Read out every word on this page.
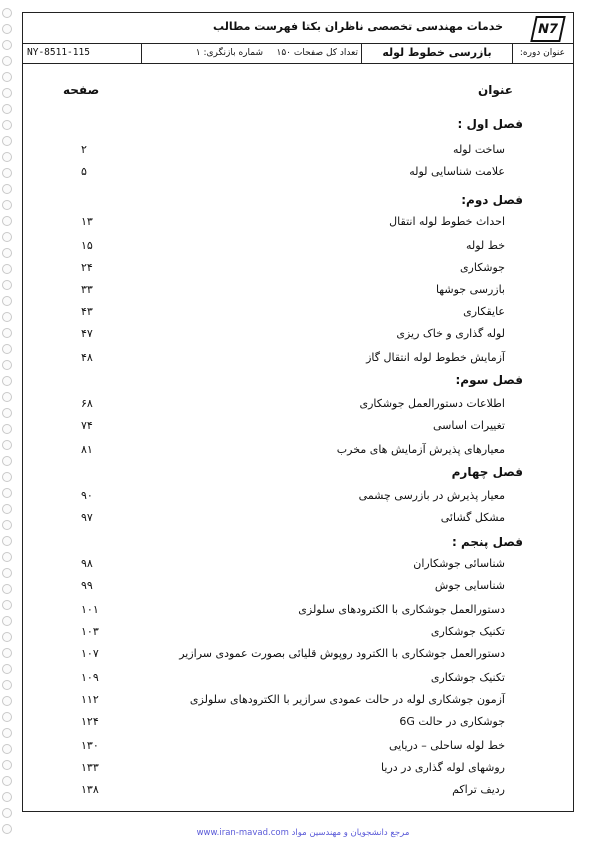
N7
خدمات مهندسی تخصصی ناظران بکتا فهرست مطالب
عنوان دوره:
بازرسی خطوط لوله
تعداد کل صفحات ۱۵۰
شماره بازنگری: ۱
NY-8511-115
عنوان
صفحه
فصل اول :
ساخت لوله
۲
علامت شناسایی لوله
۵
فصل دوم:
احداث خطوط لوله انتقال
۱۳
خط لوله
۱۵
جوشکاری
۲۴
بازرسی جوشها
۳۳
عایقکاری
۴۳
لوله گذاری و خاک ریزی
۴۷
آزمایش خطوط لوله انتقال گاز
۴۸
فصل سوم:
اطلاعات دستورالعمل جوشکاری
۶۸
تغییرات اساسی
۷۴
معیارهای پذیرش آزمایش های مخرب
۸۱
فصل چهارم
معیار پذیرش در بازرسی چشمی
۹۰
مشکل گشائی
۹۷
فصل پنجم :
شناسائی جوشکاران
۹۸
شناسایی جوش
۹۹
دستورالعمل جوشکاری با الکترودهای سلولزی
۱۰۱
تکنیک جوشکاری
۱۰۳
دستورالعمل جوشکاری با الکترود روپوش قلیائی بصورت عمودی سرازیر
۱۰۷
تکنیک جوشکاری
۱۰۹
آزمون جوشکاری لوله در حالت عمودی سرازیر با الکترودهای سلولزی
۱۱۲
جوشکاری در حالت 6G
۱۲۴
خط لوله ساحلی – دریایی
۱۳۰
روشهای لوله گذاری در دریا
۱۳۳
ردیف تراکم
۱۳۸
مرجع دانشجویان و مهندسین مواد www.iran-mavad.com
